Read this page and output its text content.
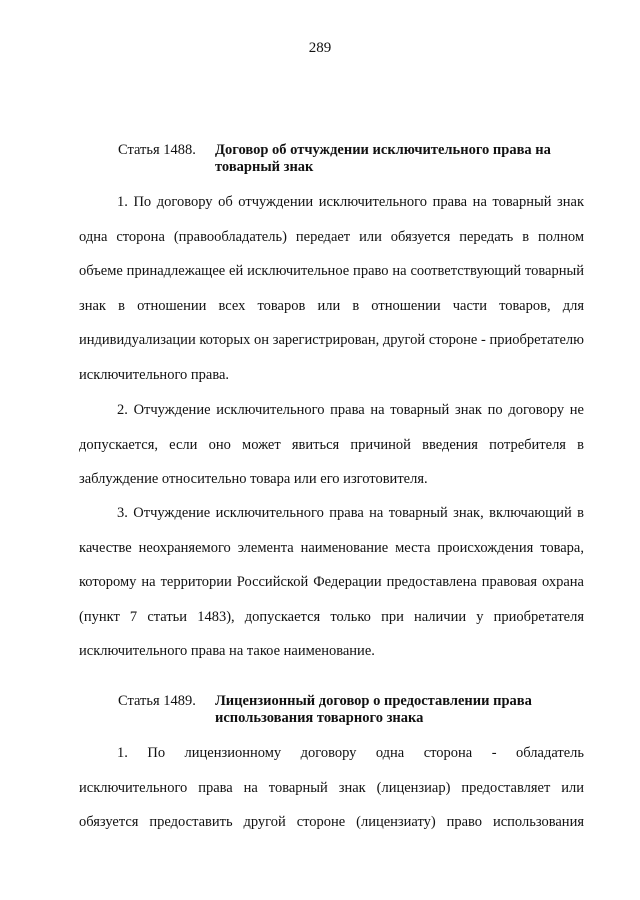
289
Статья 1488.	Договор об отчуждении исключительного права на товарный знак

1. По договору об отчуждении исключительного права на товарный знак одна сторона (правообладатель) передает или обязуется передать в полном объеме принадлежащее ей исключительное право на соответствующий товарный знак в отношении всех товаров или в отношении части товаров, для индивидуализации которых он зарегистрирован, другой стороне - приобретателю исключительного права.

2. Отчуждение исключительного права на товарный знак по договору не допускается, если оно может явиться причиной введения потребителя в заблуждение относительно товара или его изготовителя.

3. Отчуждение исключительного права на товарный знак, включающий в качестве неохраняемого элемента наименование места происхождения товара, которому на территории Российской Федерации предоставлена правовая охрана (пункт 7 статьи 1483), допускается только при наличии у приобретателя исключительного права на такое наименование.

Статья 1489.	Лицензионный договор о предоставлении права использования товарного знака

1. По лицензионному договору одна сторона - обладатель исключительного права на товарный знак (лицензиар) предоставляет или обязуется предоставить другой стороне (лицензиату) право использования
